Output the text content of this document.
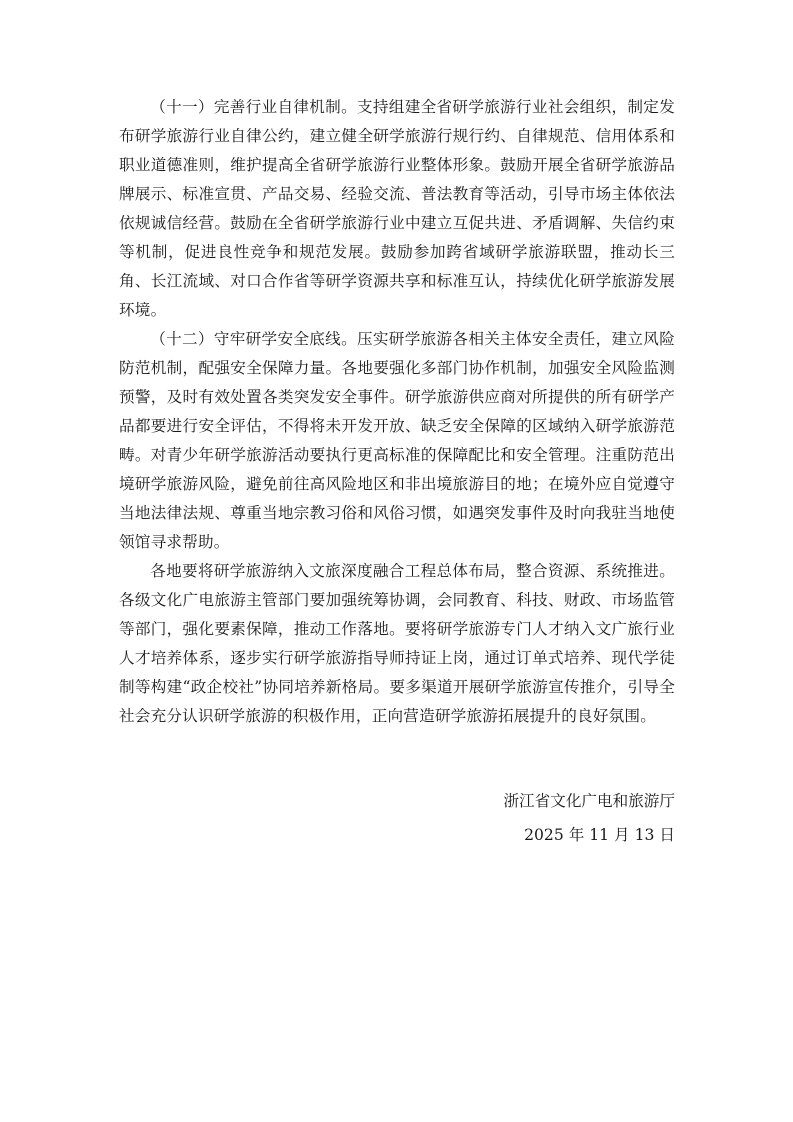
（十一）完善行业自律机制。支持组建全省研学旅游行业社会组织，制定发布研学旅游行业自律公约，建立健全研学旅游行规行约、自律规范、信用体系和职业道德准则，维护提高全省研学旅游行业整体形象。鼓励开展全省研学旅游品牌展示、标准宣贯、产品交易、经验交流、普法教育等活动，引导市场主体依法依规诚信经营。鼓励在全省研学旅游行业中建立互促共进、矛盾调解、失信约束等机制，促进良性竞争和规范发展。鼓励参加跨省域研学旅游联盟，推动长三角、长江流域、对口合作省等研学资源共享和标准互认，持续优化研学旅游发展环境。

（十二）守牢研学安全底线。压实研学旅游各相关主体安全责任，建立风险防范机制，配强安全保障力量。各地要强化多部门协作机制，加强安全风险监测预警，及时有效处置各类突发安全事件。研学旅游供应商对所提供的所有研学产品都要进行安全评估，不得将未开发开放、缺乏安全保障的区域纳入研学旅游范畴。对青少年研学旅游活动要执行更高标准的保障配比和安全管理。注重防范出境研学旅游风险，避免前往高风险地区和非出境旅游目的地；在境外应自觉遵守当地法律法规、尊重当地宗教习俗和风俗习惯，如遇突发事件及时向我驻当地使领馆寻求帮助。

各地要将研学旅游纳入文旅深度融合工程总体布局，整合资源、系统推进。各级文化广电旅游主管部门要加强统筹协调，会同教育、科技、财政、市场监管等部门，强化要素保障，推动工作落地。要将研学旅游专门人才纳入文广旅行业人才培养体系，逐步实行研学旅游指导师持证上岗，通过订单式培养、现代学徒制等构建“政企校社”协同培养新格局。要多渠道开展研学旅游宣传推介，引导全社会充分认识研学旅游的积极作用，正向营造研学旅游拓展提升的良好氛围。

浙江省文化广电和旅游厅
2025 年 11 月 13 日
